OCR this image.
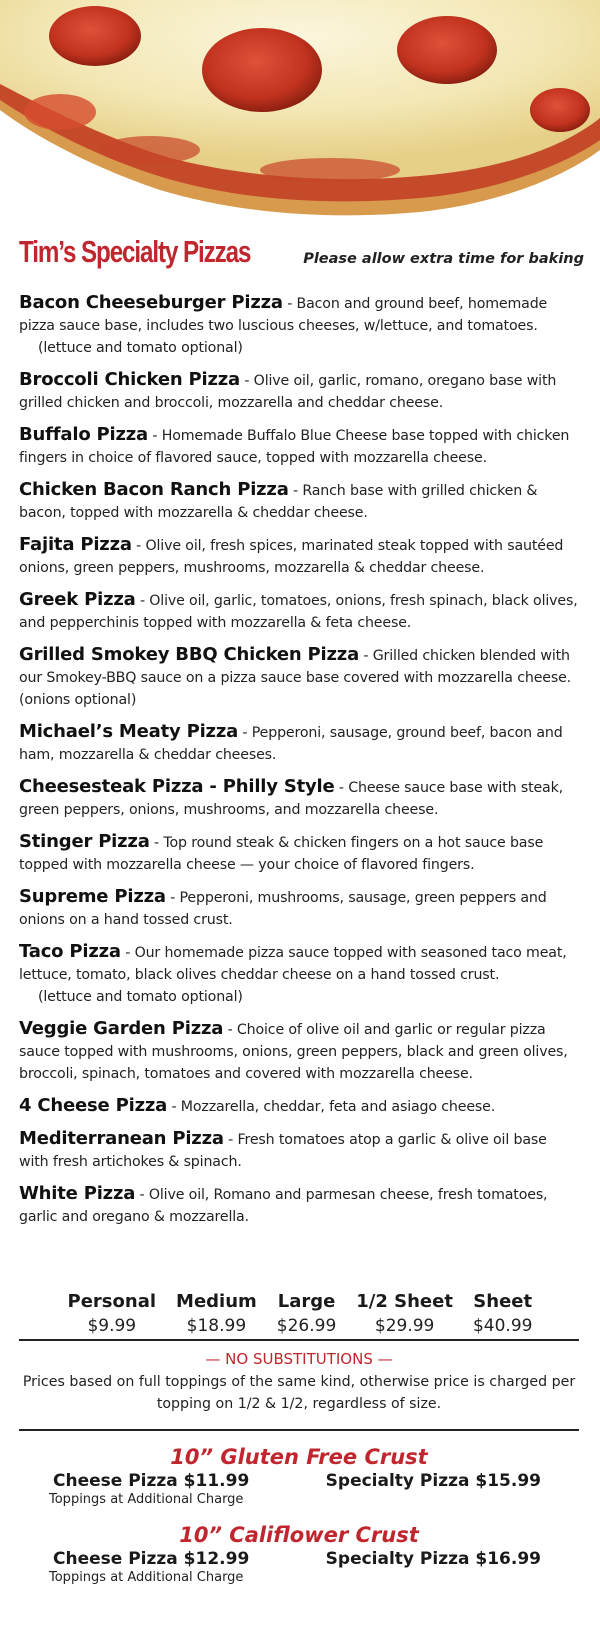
Tim’s Specialty Pizzas	Please allow extra time for baking
Bacon Cheeseburger Pizza - Bacon and ground beef, homemade pizza sauce base, includes two luscious cheeses, w/lettuce, and tomatoes.
(lettuce and tomato optional)
Broccoli Chicken Pizza - Olive oil, garlic, romano, oregano base with grilled chicken and broccoli, mozzarella and cheddar cheese.
Buffalo Pizza - Homemade Buffalo Blue Cheese base topped with chicken fingers in choice of flavored sauce, topped with mozzarella cheese.
Chicken Bacon Ranch Pizza - Ranch base with grilled chicken & bacon, topped with mozzarella & cheddar cheese.
Fajita Pizza - Olive oil, fresh spices, marinated steak topped with sautéed onions, green peppers, mushrooms, mozzarella & cheddar cheese.
Greek Pizza - Olive oil, garlic, tomatoes, onions, fresh spinach, black olives, and pepperchinis topped with mozzarella & feta cheese.
Grilled Smokey BBQ Chicken Pizza - Grilled chicken blended with our Smokey-BBQ sauce on a pizza sauce base covered with mozzarella cheese. (onions optional)
Michael’s Meaty Pizza - Pepperoni, sausage, ground beef, bacon and ham, mozzarella & cheddar cheeses.
Cheesesteak Pizza - Philly Style - Cheese sauce base with steak, green peppers, onions, mushrooms, and mozzarella cheese.
Stinger Pizza - Top round steak & chicken fingers on a hot sauce base topped with mozzarella cheese — your choice of flavored fingers.
Supreme Pizza - Pepperoni, mushrooms, sausage, green peppers and onions on a hand tossed crust.
Taco Pizza - Our homemade pizza sauce topped with seasoned taco meat, lettuce, tomato, black olives cheddar cheese on a hand tossed crust.
(lettuce and tomato optional)
Veggie Garden Pizza - Choice of olive oil and garlic or regular pizza sauce topped with mushrooms, onions, green peppers, black and green olives, broccoli, spinach, tomatoes and covered with mozzarella cheese.
4 Cheese Pizza - Mozzarella, cheddar, feta and asiago cheese.
Mediterranean Pizza - Fresh tomatoes atop a garlic & olive oil base with fresh artichokes & spinach.
White Pizza - Olive oil, Romano and parmesan cheese, fresh tomatoes, garlic and oregano & mozzarella.
Personal	Medium	Large	1/2 Sheet	Sheet
$9.99	$18.99	$26.99	$29.99	$40.99
— NO SUBSTITUTIONS —
Prices based on full toppings of the same kind, otherwise price is charged per topping on 1/2 & 1/2, regardless of size.
10” Gluten Free Crust
Cheese Pizza $11.99
Toppings at Additional Charge
Specialty Pizza $15.99
10” Califlower Crust
Cheese Pizza $12.99
Toppings at Additional Charge
Specialty Pizza $16.99
